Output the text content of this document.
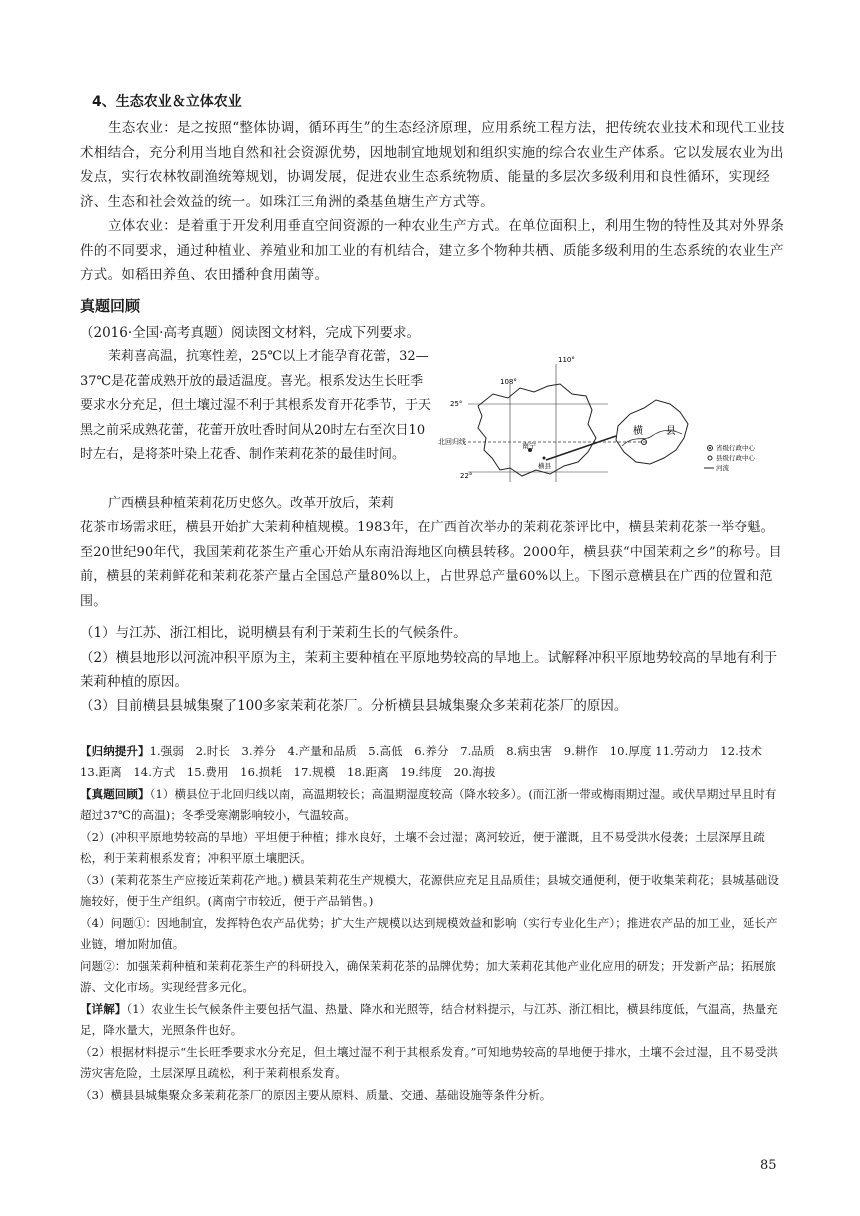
4、生态农业＆立体农业

生态农业：是之按照“整体协调，循环再生”的生态经济原理，应用系统工程方法，把传统农业技术和现代工业技术相结合，充分利用当地自然和社会资源优势，因地制宜地规划和组织实施的综合农业生产体系。它以发展农业为出发点，实行农林牧副渔统筹规划，协调发展，促进农业生态系统物质、能量的多层次多级利用和良性循环，实现经济、生态和社会效益的统一。如珠江三角洲的桑基鱼塘生产方式等。

立体农业：是着重于开发利用垂直空间资源的一种农业生产方式。在单位面积上，利用生物的特性及其对外界条件的不同要求，通过种植业、养殖业和加工业的有机结合，建立多个物种共栖、质能多级利用的生态系统的农业生产方式。如稻田养鱼、农田播种食用菌等。

真题回顾
（2016·全国·高考真题）阅读图文材料，完成下列要求。

茉莉喜高温，抗寒性差，25℃以上才能孕育花蕾，32—37℃是花蕾成熟开放的最适温度。喜光。根系发达生长旺季要求水分充足，但土壤过湿不利于其根系发育开花季节，于天黑之前采成熟花蕾，花蕾开放吐香时间从20时左右至次日10时左右，是将茶叶染上花香、制作茉莉花茶的最佳时间。

广西横县种植茉莉花历史悠久。改革开放后，茉莉

花茶市场需求旺，横县开始扩大茉莉种植规模。1983年，在广西首次举办的茉莉花茶评比中，横县茉莉花茶一举夺魁。至20世纪90年代，我国茉莉花茶生产重心开始从东南沿海地区向横县转移。2000年，横县获“中国茉莉之乡”的称号。目前，横县的茉莉鲜花和茉莉花茶产量占全国总产量80%以上，占世界总产量60%以上。下图示意横县在广西的位置和范围。

110°
108°
25°
22°
北回归线	南宁
横县
横 县
省级行政中心
县级行政中心
河流

（1）与江苏、浙江相比，说明横县有利于茉莉生长的气候条件。

（2）横县地形以河流冲积平原为主，茉莉主要种植在平原地势较高的旱地上。试解释冲积平原地势较高的旱地有利于茉莉种植的原因。

（3）目前横县县城集聚了100多家茉莉花茶厂。分析横县县城集聚众多茉莉花茶厂的原因。

【归纳提升】1.强弱　2.时长　3.养分　4.产量和品质　5.高低　6.养分　7.品质　8.病虫害　9.耕作　10.厚度 11.劳动力　12.技术　13.距离　14.方式　15.费用　16.损耗　17.规模　18.距离　19.纬度　20.海拔

【真题回顾】（1）横县位于北回归线以南，高温期较长；高温期湿度较高（降水较多）。(而江浙一带或梅雨期过湿。或伏旱期过早且时有超过37℃的高温)；冬季受寒潮影响较小，气温较高。

（2）(冲积平原地势较高的旱地）平坦便于种植；排水良好，土壤不会过湿；离河较近，便于灌溉，且不易受洪水侵袭；土层深厚且疏松，利于茉莉根系发育；冲积平原土壤肥沃。

（3）(茉莉花茶生产应接近茉莉花产地。) 横县茉莉花生产规模大，花源供应充足且品质佳；县城交通便利，便于收集茉莉花；县城基础设施较好，便于生产组织。(离南宁市较近，便于产品销售。)

（4）问题①：因地制宜，发挥特色农产品优势；扩大生产规模以达到规模效益和影响（实行专业化生产）；推进农产品的加工业，延长产业链，增加附加值。

问题②：加强茉莉种植和茉莉花茶生产的科研投入，确保茉莉花茶的品牌优势；加大茉莉花其他产业化应用的研发；开发新产品；拓展旅游、文化市场。实现经营多元化。

【详解】（1）农业生长气候条件主要包括气温、热量、降水和光照等，结合材料提示，与江苏、浙江相比，横县纬度低，气温高，热量充足，降水量大，光照条件也好。

（2）根据材料提示“生长旺季要求水分充足，但土壤过湿不利于其根系发育。”可知地势较高的旱地便于排水，土壤不会过湿，且不易受洪涝灾害危险，土层深厚且疏松，利于茉莉根系发育。

（3）横县县城集聚众多茉莉花茶厂的原因主要从原料、质量、交通、基础设施等条件分析。

85
